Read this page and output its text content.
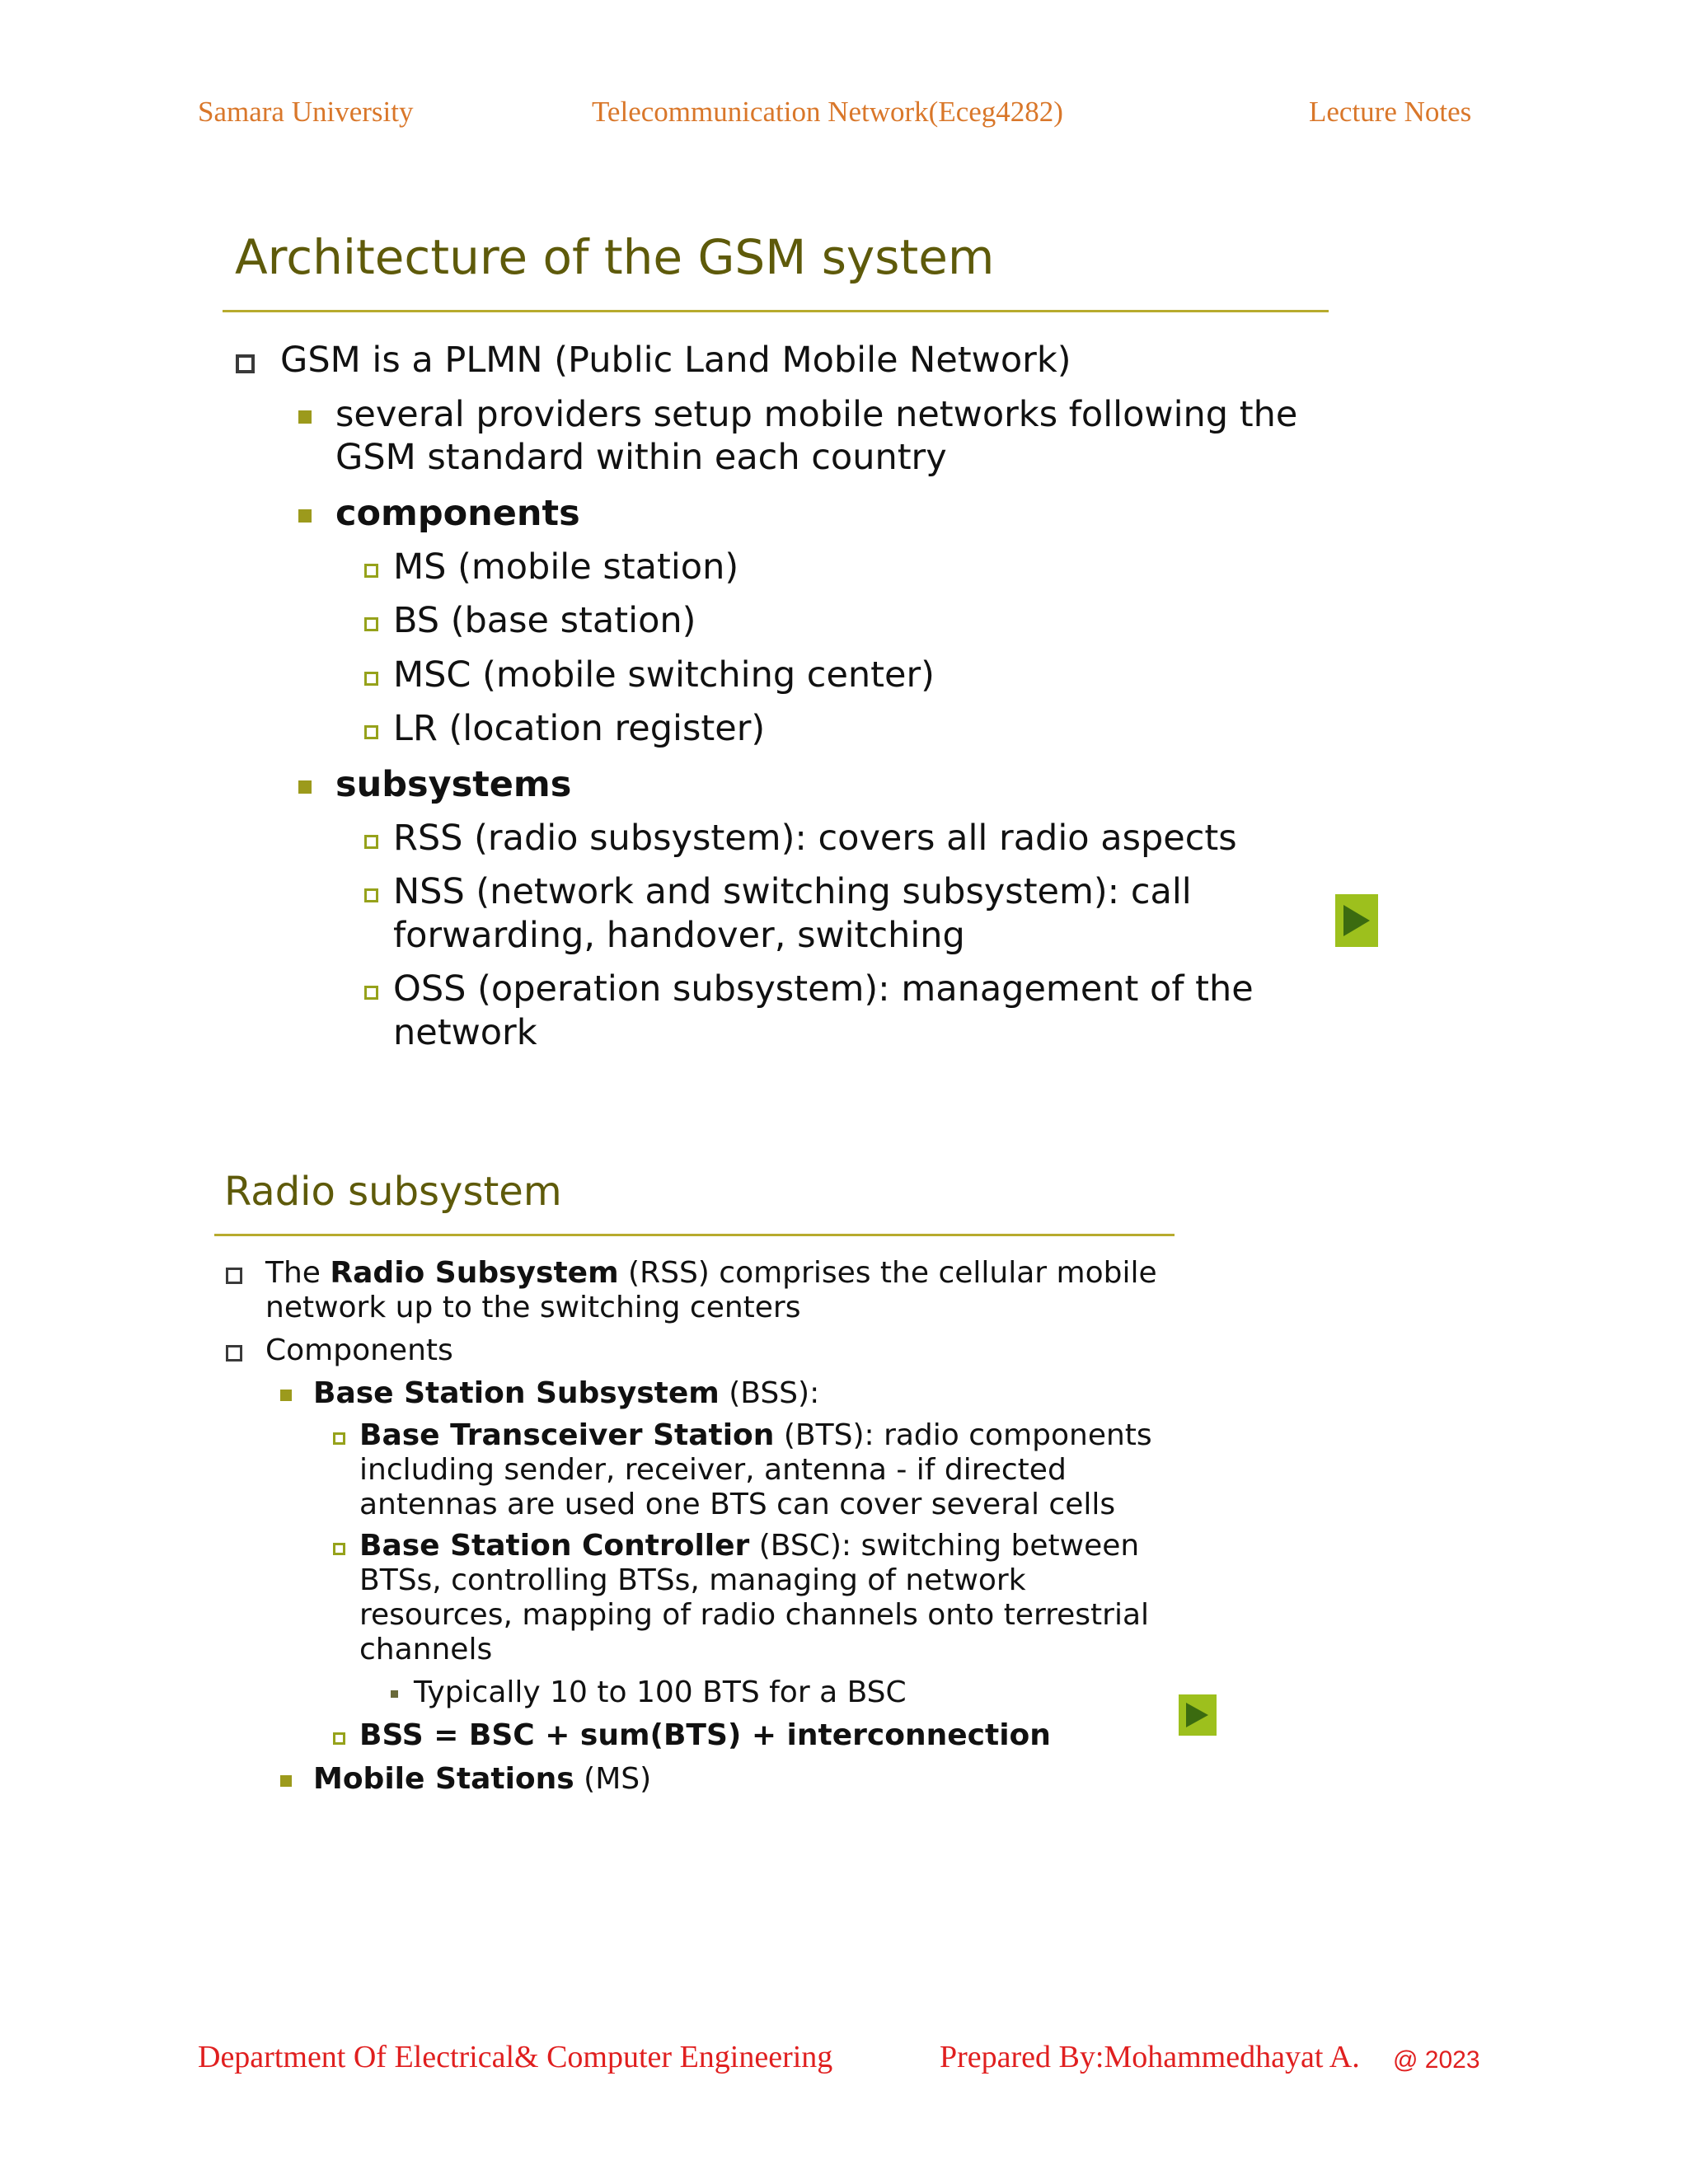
Samara University	Telecommunication Network(Eceg4282)	Lecture Notes
Architecture of the GSM system
GSM is a PLMN (Public Land Mobile Network)
several providers setup mobile networks following the
GSM standard within each country
components
MS (mobile station)
BS (base station)
MSC (mobile switching center)
LR (location register)
subsystems
RSS (radio subsystem): covers all radio aspects
NSS (network and switching subsystem): call
forwarding, handover, switching
OSS (operation subsystem): management of the
network
Radio subsystem
The Radio Subsystem (RSS) comprises the cellular mobile
network up to the switching centers
Components
Base Station Subsystem (BSS):
Base Transceiver Station (BTS): radio components
including sender, receiver, antenna - if directed
antennas are used one BTS can cover several cells
Base Station Controller (BSC): switching between
BTSs, controlling BTSs, managing of network
resources, mapping of radio channels onto terrestrial
channels
Typically 10 to 100 BTS for a BSC
BSS = BSC + sum(BTS) + interconnection
Mobile Stations (MS)
Department Of Electrical& Computer Engineering	Prepared By:Mohammedhayat A. @ 2023
